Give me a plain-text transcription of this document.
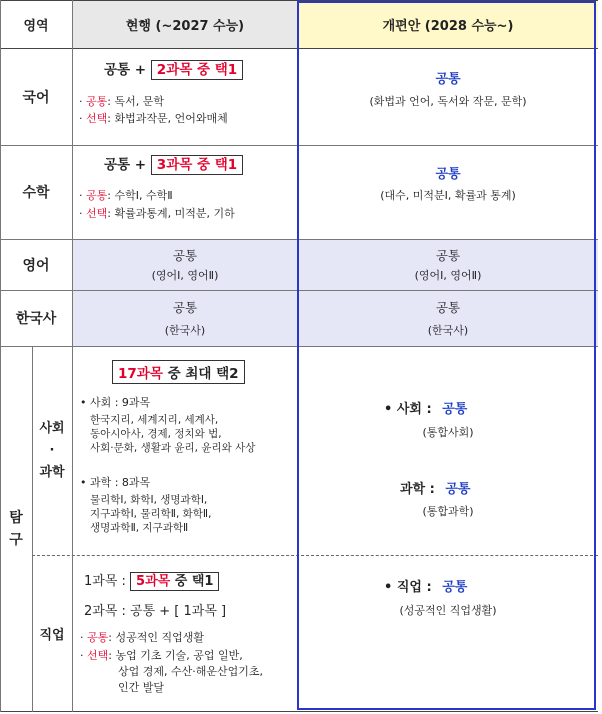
영역	현행 (~2027 수능)	개편안 (2028 수능~)
국어
공통 + 2과목 중 택1
· 공통: 독서, 문학
· 선택: 화법과작문, 언어와매체
공통
(화법과 언어, 독서와 작문, 문학)
수학
공통 + 3과목 중 택1
· 공통: 수학Ⅰ, 수학Ⅱ
· 선택: 확률과통계, 미적분, 기하
공통
(대수, 미적분Ⅰ, 확률과 통계)
영어
공통
(영어Ⅰ, 영어Ⅱ)
공통
(영어Ⅰ, 영어Ⅱ)
한국사
공통
(한국사)
공통
(한국사)
탐
구
사회
·
과학
17과목 중 최대 택2
• 사회 : 9과목
한국지리, 세계지리, 세계사,
동아시아사, 경제, 정치와 법,
사회·문화, 생활과 윤리, 윤리와 사상
• 과학 : 8과목
물리학Ⅰ, 화학Ⅰ, 생명과학Ⅰ,
지구과학Ⅰ, 물리학Ⅱ, 화학Ⅱ,
생명과학Ⅱ, 지구과학Ⅱ
• 사회 : 공통
(통합사회)
과학 : 공통
(통합과학)
직업
1과목 : 5과목 중 택1
2과목 : 공통 + [ 1과목 ]
· 공통: 성공적인 직업생활
· 선택: 농업 기초 기술, 공업 일반,
상업 경제, 수산·해운산업기초,
인간 발달
• 직업 : 공통
(성공적인 직업생활)
